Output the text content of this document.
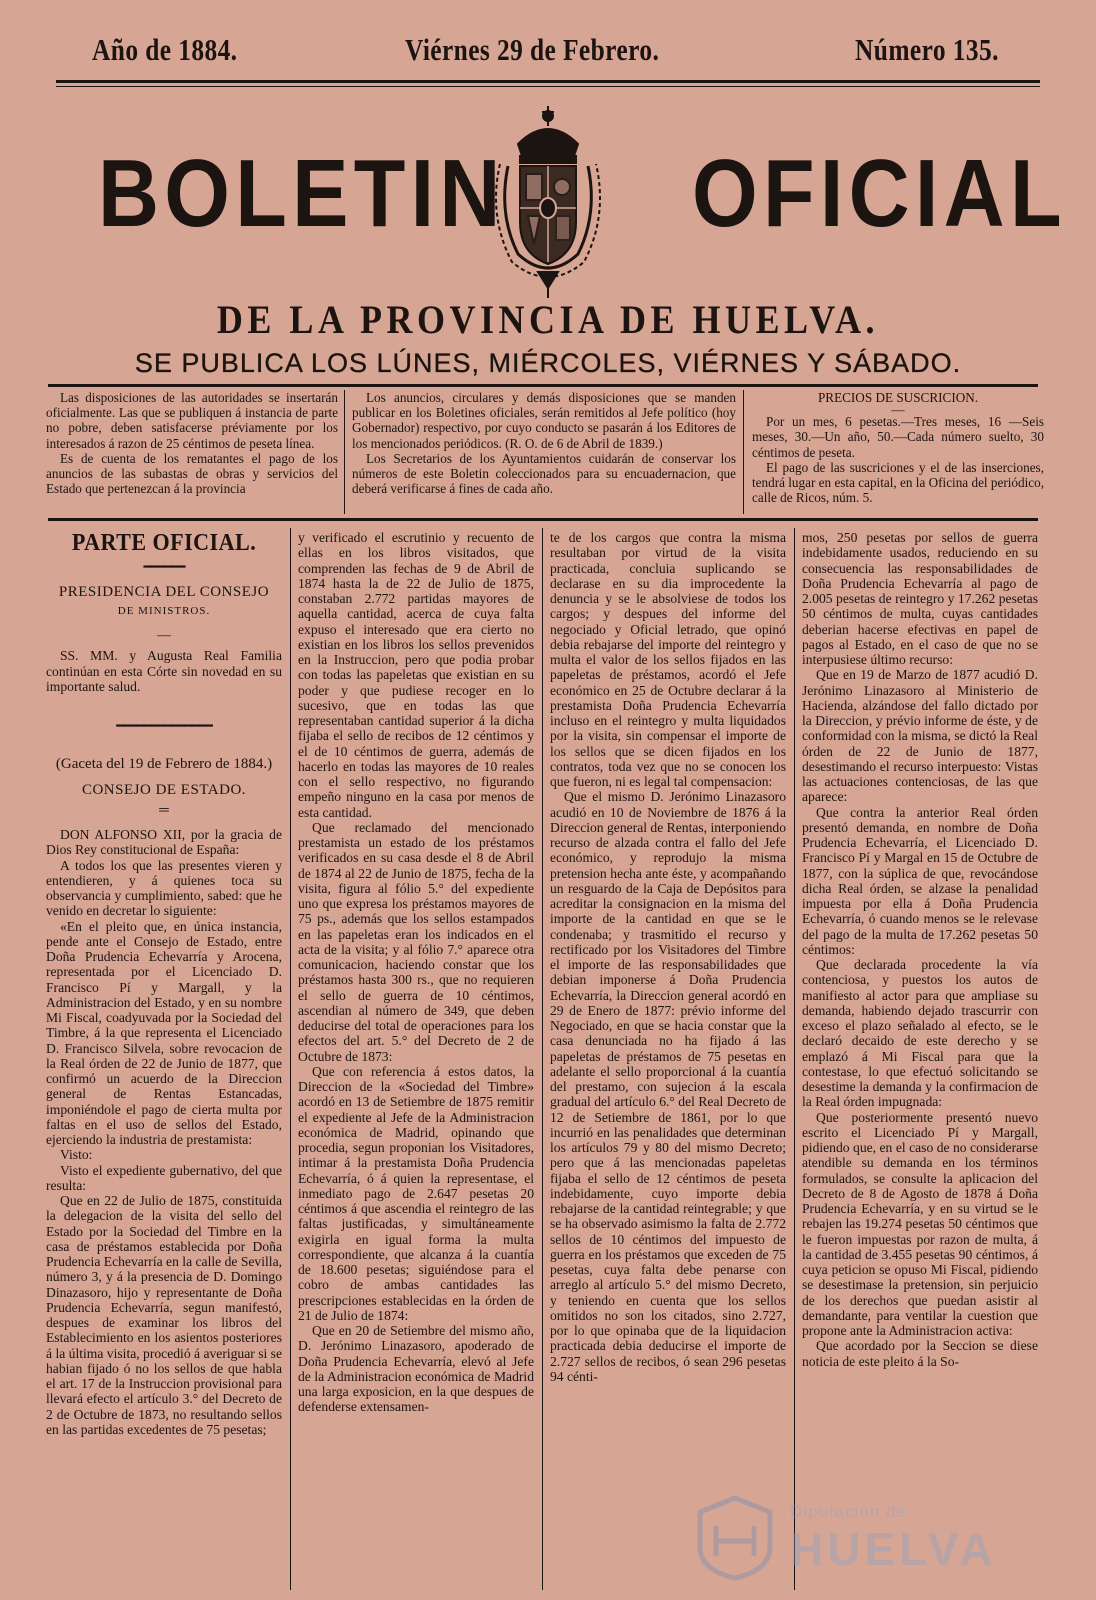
Año de 1884.	Viérnes 29 de Febrero.	Número 135.
BOLETIN OFICIAL
DE LA PROVINCIA DE HUELVA.
SE PUBLICA LOS LÚNES, MIÉRCOLES, VIÉRNES Y SÁBADO.

Las disposiciones de las autoridades se insertarán oficialmente. Las que se publiquen á instancia de parte no pobre, deben satisfacerse préviamente por los interesados á razon de 25 céntimos de peseta línea.

Es de cuenta de los rematantes el pago de los anuncios de las subastas de obras y servicios del Estado que pertenezcan á la provincia

Los anuncios, circulares y demás disposiciones que se manden publicar en los Boletines oficiales, serán remitidos al Jefe político (hoy Gobernador) respectivo, por cuyo conducto se pasarán á los Editores de los mencionados periódicos. (R. O. de 6 de Abril de 1839.)

Los Secretarios de los Ayuntamientos cuidarán de conservar los números de este Boletin coleccionados para su encuadernacion, que deberá verificarse á fines de cada año.

PRECIOS DE SUSCRICION.

—

Por un mes, 6 pesetas.—Tres meses, 16 —Seis meses, 30.—Un año, 50.—Cada número suelto, 30 céntimos de peseta.

El pago de las suscriciones y el de las inserciones, tendrá lugar en esta capital, en la Oficina del periódico, calle de Ricos, núm. 5.

PARTE OFICIAL.
━━━━━━
PRESIDENCIA DEL CONSEJO
DE MINISTROS.
—

SS. MM. y Augusta Real Familia continúan en esta Córte sin novedad en su importante salud.

━━━━━━━━━━━━━━

(Gaceta del 19 de Febrero de 1884.)

CONSEJO DE ESTADO.
═

DON ALFONSO XII, por la gracia de Dios Rey constitucional de España:

A todos los que las presentes vieren y entendieren, y á quienes toca su observancia y cumplimiento, sabed: que he venido en decretar lo siguiente:

«En el pleito que, en única instancia, pende ante el Consejo de Estado, entre Doña Prudencia Echevarría y Arocena, representada por el Licenciado D. Francisco Pí y Margall, y la Administracion del Estado, y en su nombre Mi Fiscal, coadyuvada por la Sociedad del Timbre, á la que representa el Licenciado D. Francisco Silvela, sobre revocacion de la Real órden de 22 de Junio de 1877, que confirmó un acuerdo de la Direccion general de Rentas Estancadas, imponiéndole el pago de cierta multa por faltas en el uso de sellos del Estado, ejerciendo la industria de prestamista:

Visto:

Visto el expediente gubernativo, del que resulta:

Que en 22 de Julio de 1875, constituida la delegacion de la visita del sello del Estado por la Sociedad del Timbre en la casa de préstamos establecida por Doña Prudencia Echevarría en la calle de Sevilla, número 3, y á la presencia de D. Domingo Dinazasoro, hijo y representante de Doña Prudencia Echevarría, segun manifestó, despues de examinar los libros del Establecimiento en los asientos posteriores á la última visita, procedió á averiguar si se habian fijado ó no los sellos de que habla el art. 17 de la Instruccion provisional para llevará efecto el artículo 3.° del Decreto de 2 de Octubre de 1873, no resultando sellos en las partidas excedentes de 75 pesetas;

y verificado el escrutinio y recuento de ellas en los libros visitados, que comprenden las fechas de 9 de Abril de 1874 hasta la de 22 de Julio de 1875, constaban 2.772 partidas mayores de aquella cantidad, acerca de cuya falta expuso el interesado que era cierto no existian en los libros los sellos prevenidos en la Instruccion, pero que podia probar con todas las papeletas que existian en su poder y que pudiese recoger en lo sucesivo, que en todas las que representaban cantidad superior á la dicha fijaba el sello de recibos de 12 céntimos y el de 10 céntimos de guerra, además de hacerlo en todas las mayores de 10 reales con el sello respectivo, no figurando empeño ninguno en la casa por menos de esta cantidad.

Que reclamado del mencionado prestamista un estado de los préstamos verificados en su casa desde el 8 de Abril de 1874 al 22 de Junio de 1875, fecha de la visita, figura al fólio 5.° del expediente uno que expresa los préstamos mayores de 75 ps., además que los sellos estampados en las papeletas eran los indicados en el acta de la visita; y al fólio 7.° aparece otra comunicacion, haciendo constar que los préstamos hasta 300 rs., que no requieren el sello de guerra de 10 céntimos, ascendian al número de 349, que deben deducirse del total de operaciones para los efectos del art. 5.° del Decreto de 2 de Octubre de 1873:

Que con referencia á estos datos, la Direccion de la «Sociedad del Timbre» acordó en 13 de Setiembre de 1875 remitir el expediente al Jefe de la Administracion económica de Madrid, opinando que procedia, segun proponian los Visitadores, intimar á la prestamista Doña Prudencia Echevarría, ó á quien la representase, el inmediato pago de 2.647 pesetas 20 céntimos á que ascendia el reintegro de las faltas justificadas, y simultáneamente exigirla en igual forma la multa correspondiente, que alcanza á la cuantía de 18.600 pesetas; siguiéndose para el cobro de ambas cantidades las prescripciones establecidas en la órden de 21 de Julio de 1874:

Que en 20 de Setiembre del mismo año, D. Jerónimo Linazasoro, apoderado de Doña Prudencia Echevarría, elevó al Jefe de la Administracion económica de Madrid una larga exposicion, en la que despues de defenderse extensamen-

te de los cargos que contra la misma resultaban por virtud de la visita practicada, concluia suplicando se declarase en su dia improcedente la denuncia y se le absolviese de todos los cargos; y despues del informe del negociado y Oficial letrado, que opinó debia rebajarse del importe del reintegro y multa el valor de los sellos fijados en las papeletas de préstamos, acordó el Jefe económico en 25 de Octubre declarar á la prestamista Doña Prudencia Echevarría incluso en el reintegro y multa liquidados por la visita, sin compensar el importe de los sellos que se dicen fijados en los contratos, toda vez que no se conocen los que fueron, ni es legal tal compensacion:

Que el mismo D. Jerónimo Linazasoro acudió en 10 de Noviembre de 1876 á la Direccion general de Rentas, interponiendo recurso de alzada contra el fallo del Jefe económico, y reprodujo la misma pretension hecha ante éste, y acompañando un resguardo de la Caja de Depósitos para acreditar la consignacion en la misma del importe de la cantidad en que se le condenaba; y trasmitido el recurso y rectificado por los Visitadores del Timbre el importe de las responsabilidades que debian imponerse á Doña Prudencia Echevarría, la Direccion general acordó en 29 de Enero de 1877: prévio informe del Negociado, en que se hacia constar que la casa denunciada no ha fijado á las papeletas de préstamos de 75 pesetas en adelante el sello proporcional á la cuantía del prestamo, con sujecion á la escala gradual del artículo 6.° del Real Decreto de 12 de Setiembre de 1861, por lo que incurrió en las penalidades que determinan los artículos 79 y 80 del mismo Decreto; pero que á las mencionadas papeletas fijaba el sello de 12 céntimos de peseta indebidamente, cuyo importe debia rebajarse de la cantidad reintegrable; y que se ha observado asimismo la falta de 2.772 sellos de 10 céntimos del impuesto de guerra en los préstamos que exceden de 75 pesetas, cuya falta debe penarse con arreglo al artículo 5.° del mismo Decreto, y teniendo en cuenta que los sellos omitidos no son los citados, sino 2.727, por lo que opinaba que de la liquidacion practicada debia deducirse el importe de 2.727 sellos de recibos, ó sean 296 pesetas 94 cénti-

mos, 250 pesetas por sellos de guerra indebidamente usados, reduciendo en su consecuencia las responsabilidades de Doña Prudencia Echevarría al pago de 2.005 pesetas de reintegro y 17.262 pesetas 50 céntimos de multa, cuyas cantidades deberian hacerse efectivas en papel de pagos al Estado, en el caso de que no se interpusiese último recurso:

Que en 19 de Marzo de 1877 acudió D. Jerónimo Linazasoro al Ministerio de Hacienda, alzándose del fallo dictado por la Direccion, y prévio informe de éste, y de conformidad con la misma, se dictó la Real órden de 22 de Junio de 1877, desestimando el recurso interpuesto: Vistas las actuaciones contenciosas, de las que aparece:

Que contra la anterior Real órden presentó demanda, en nombre de Doña Prudencia Echevarría, el Licenciado D. Francisco Pí y Margal en 15 de Octubre de 1877, con la súplica de que, revocándose dicha Real órden, se alzase la penalidad impuesta por ella á Doña Prudencia Echevarría, ó cuando menos se le relevase del pago de la multa de 17.262 pesetas 50 céntimos:

Que declarada procedente la vía contenciosa, y puestos los autos de manifiesto al actor para que ampliase su demanda, habiendo dejado trascurrir con exceso el plazo señalado al efecto, se le declaró decaido de este derecho y se emplazó á Mi Fiscal para que la contestase, lo que efectuó solicitando se desestime la demanda y la confirmacion de la Real órden impugnada:

Que posteriormente presentó nuevo escrito el Licenciado Pí y Margall, pidiendo que, en el caso de no considerarse atendible su demanda en los términos formulados, se consulte la aplicacion del Decreto de 8 de Agosto de 1878 á Doña Prudencia Echevarría, y en su virtud se le rebajen las 19.274 pesetas 50 céntimos que le fueron impuestas por razon de multa, á la cantidad de 3.455 pesetas 90 céntimos, á cuya peticion se opuso Mi Fiscal, pidiendo se desestimase la pretension, sin perjuicio de los derechos que puedan asistir al demandante, para ventilar la cuestion que propone ante la Administracion activa:

Que acordado por la Seccion se diese noticia de este pleito á la So-

Diputación de
HUELVA
